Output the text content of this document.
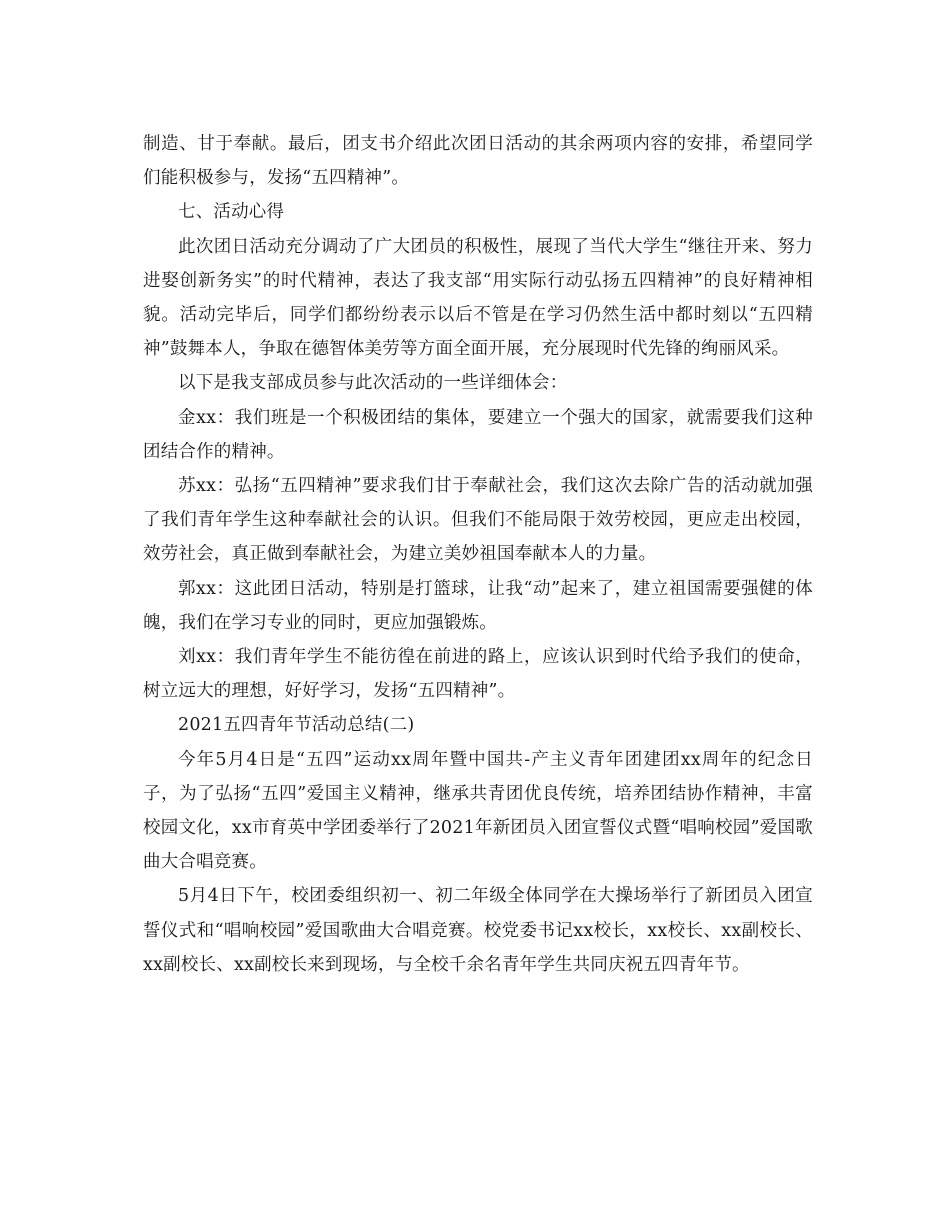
制造、甘于奉献。最后，团支书介绍此次团日活动的其余两项内容的安排，希望同学们能积极参与，发扬“五四精神”。

七、活动心得

此次团日活动充分调动了广大团员的积极性，展现了当代大学生“继往开来、努力进娶创新务实”的时代精神，表达了我支部“用实际行动弘扬五四精神”的良好精神相貌。活动完毕后，同学们都纷纷表示以后不管是在学习仍然生活中都时刻以“五四精神”鼓舞本人，争取在德智体美劳等方面全面开展，充分展现时代先锋的绚丽风采。

以下是我支部成员参与此次活动的一些详细体会：

金xx：我们班是一个积极团结的集体，要建立一个强大的国家，就需要我们这种团结合作的精神。

苏xx：弘扬“五四精神”要求我们甘于奉献社会，我们这次去除广告的活动就加强了我们青年学生这种奉献社会的认识。但我们不能局限于效劳校园，更应走出校园，效劳社会，真正做到奉献社会，为建立美妙祖国奉献本人的力量。

郭xx：这此团日活动，特别是打篮球，让我“动”起来了，建立祖国需要强健的体魄，我们在学习专业的同时，更应加强锻炼。

刘xx：我们青年学生不能彷徨在前进的路上，应该认识到时代给予我们的使命，树立远大的理想，好好学习，发扬“五四精神”。

2021五四青年节活动总结(二)

今年5月4日是“五四”运动xx周年暨中国共-产主义青年团建团xx周年的纪念日子，为了弘扬“五四”爱国主义精神，继承共青团优良传统，培养团结协作精神，丰富校园文化，xx市育英中学团委举行了2021年新团员入团宣誓仪式暨“唱响校园”爱国歌曲大合唱竞赛。

5月4日下午，校团委组织初一、初二年级全体同学在大操场举行了新团员入团宣誓仪式和“唱响校园”爱国歌曲大合唱竞赛。校党委书记xx校长，xx校长、xx副校长、xx副校长、xx副校长来到现场，与全校千余名青年学生共同庆祝五四青年节。
